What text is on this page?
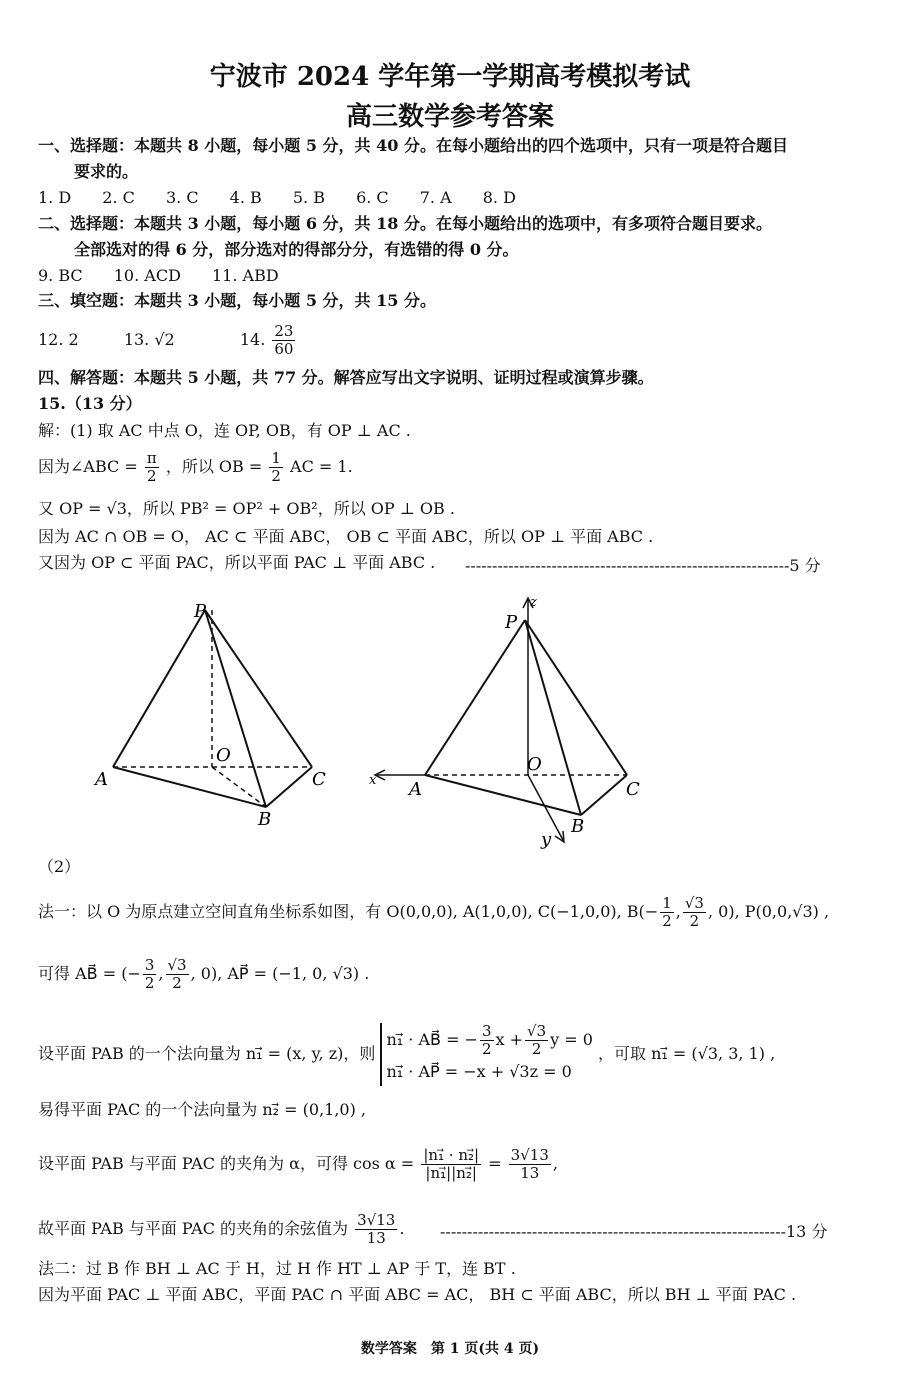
宁波市 2024 学年第一学期高考模拟考试
高三数学参考答案
一、选择题：本题共 8 小题，每小题 5 分，共 40 分。在每小题给出的四个选项中，只有一项是符合题目
要求的。
1. D 2. C 3. C 4. B 5. B 6. C 7. A 8. D
二、选择题：本题共 3 小题，每小题 6 分，共 18 分。在每小题给出的选项中，有多项符合题目要求。
全部选对的得 6 分，部分选对的得部分分，有选错的得 0 分。
9. BC 10. ACD 11. ABD
三、填空题：本题共 3 小题，每小题 5 分，共 15 分。
12. 2	13. √2	14. $\frac{23}{60}$
四、解答题：本题共 5 小题，共 77 分。解答应写出文字说明、证明过程或演算步骤。
15.（13 分）
解：(1) 取 AC 中点 O，连 OP, OB，有 OP ⊥ AC .
因为∠ABC = $\frac{\pi}{2}$ ，所以 OB = $\frac{1}{2}$ AC = 1.
又 OP = √3，所以 PB² = OP² + OB²，所以 OP ⊥ OB .
因为 AC ∩ OB = O， AC ⊂ 平面 ABC， OB ⊂ 平面 ABC，所以 OP ⊥ 平面 ABC .
又因为 OP ⊂ 平面 PAC，所以平面 PAC ⊥ 平面 ABC . ------------------------------------------------------------5 分
P
O
A	C
B
P
O
A	C
B
y
z
x
（2）
法一：以 O 为原点建立空间直角坐标系如图，有 O(0,0,0), A(1,0,0), C(−1,0,0), $B(- \frac{1}{2}$ , $\frac{√3}{2}$ , 0), P(0,0,√3) ,
可得 AB⃗ = (− $\frac{3}{2}$ , $\frac{√3}{2}$ , 0), AP⃗ = (−1, 0, √3) .
设平面 PAB 的一个法向量为 n₁⃗ = (x, y, z)，则
n₁⃗ · AB⃗ = − $\frac{3}{2}$ $x + \frac{√3}{2}$ y = 0
n₁⃗ · AP⃗ = −x + √3z = 0
，可取 n₁⃗ = (√3, 3, 1) ,
易得平面 PAC 的一个法向量为 n₂⃗ = (0,1,0) ,
设平面 PAB 与平面 PAC 的夹角为 α，可得 $\cos \alpha = \frac{\text{|n₁⃗ · n₂⃗|}}{\text{|n₁⃗||n₂⃗|}} = \frac{3√13}{13}$ ,
故平面 PAB 与平面 PAC 的夹角的余弦值为 $\frac{3√13}{13}$ . ----------------------------------------------------------------13 分
法二：过 B 作 BH ⊥ AC 于 H，过 H 作 HT ⊥ AP 于 T，连 BT .
因为平面 PAC ⊥ 平面 ABC，平面 PAC ∩ 平面 ABC = AC， BH ⊂ 平面 ABC，所以 BH ⊥ 平面 PAC .
数学答案　第 1 页(共 4 页)
